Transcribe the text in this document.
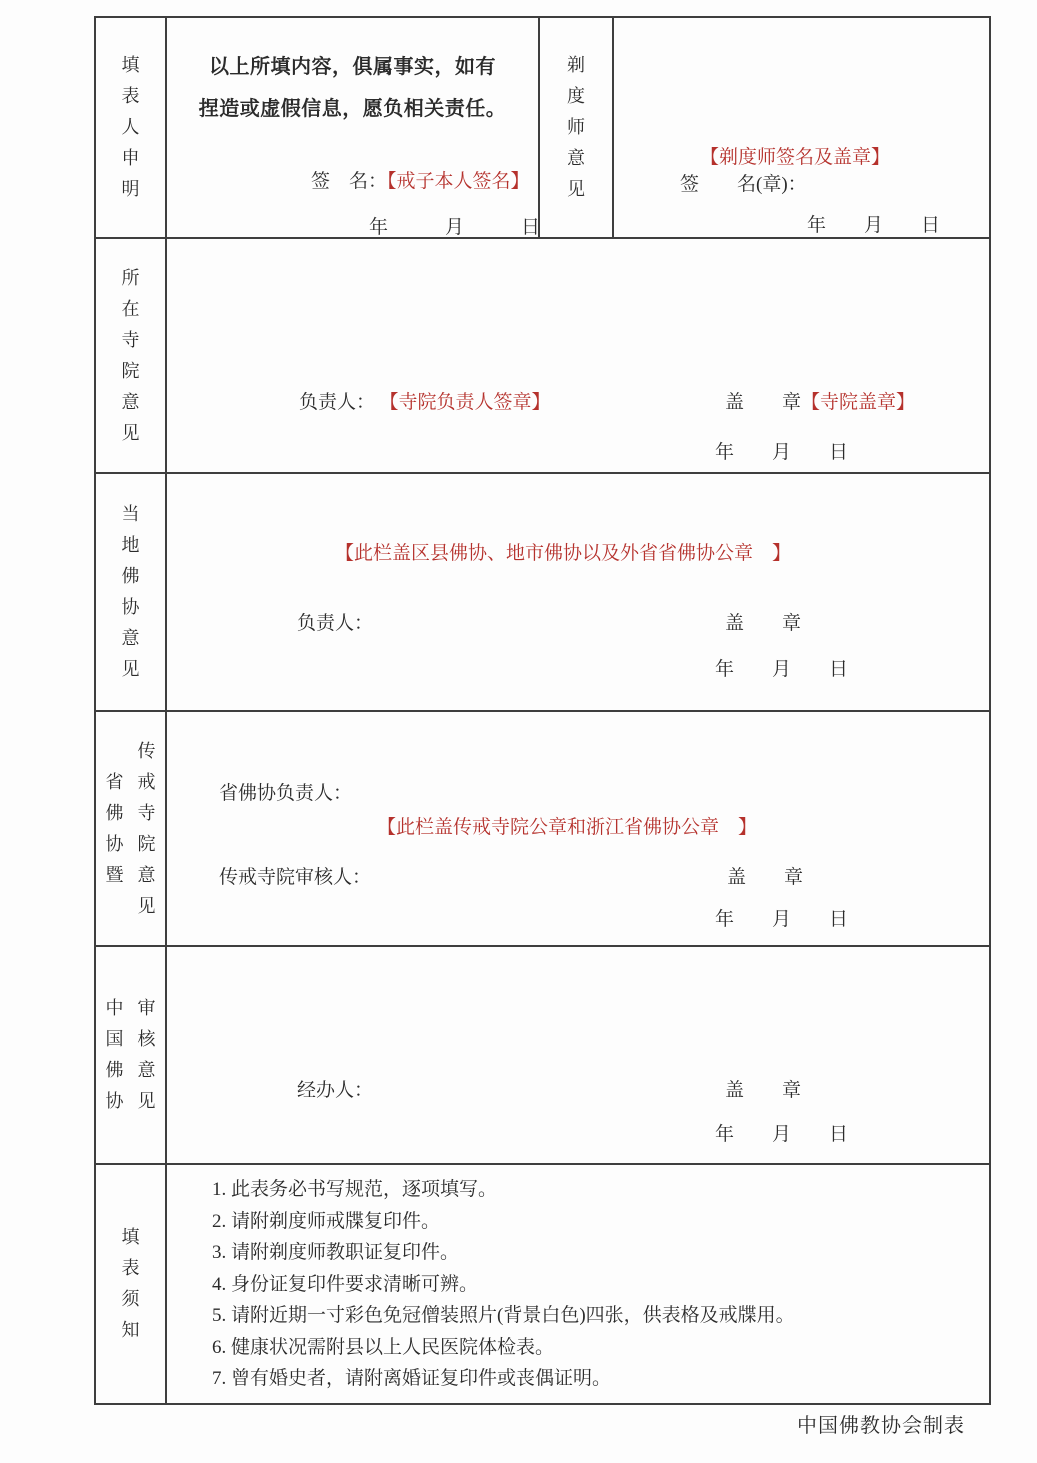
填表人申明
以上所填内容，俱属事实，如有
捏造或虚假信息，愿负相关责任。
签　名：【戒子本人签名】
年　　　月　　　日
剃度师意见
【剃度师签名及盖章】
签　　名(章)：
年　　月　　日
所在寺院意见
负责人： 【寺院负责人签章】	盖　　章【寺院盖章】
年　　月　　日
当地佛协意见
【此栏盖区县佛协、地市佛协以及外省省佛协公章　】
负责人：	盖　　章
年　　月　　日
省佛协暨
传戒寺院意见
省佛协负责人：
【此栏盖传戒寺院公章和浙江省佛协公章　】
传戒寺院审核人：	盖　　章
年　　月　　日
中国佛协
审核意见	经办人：	盖　　章
年　　月　　日
填表须知
1. 此表务必书写规范，逐项填写。
2. 请附剃度师戒牒复印件。
3. 请附剃度师教职证复印件。
4. 身份证复印件要求清晰可辨。
5. 请附近期一寸彩色免冠僧装照片(背景白色)四张，供表格及戒牒用。
6. 健康状况需附县以上人民医院体检表。
7. 曾有婚史者，请附离婚证复印件或丧偶证明。
中国佛教协会制表
